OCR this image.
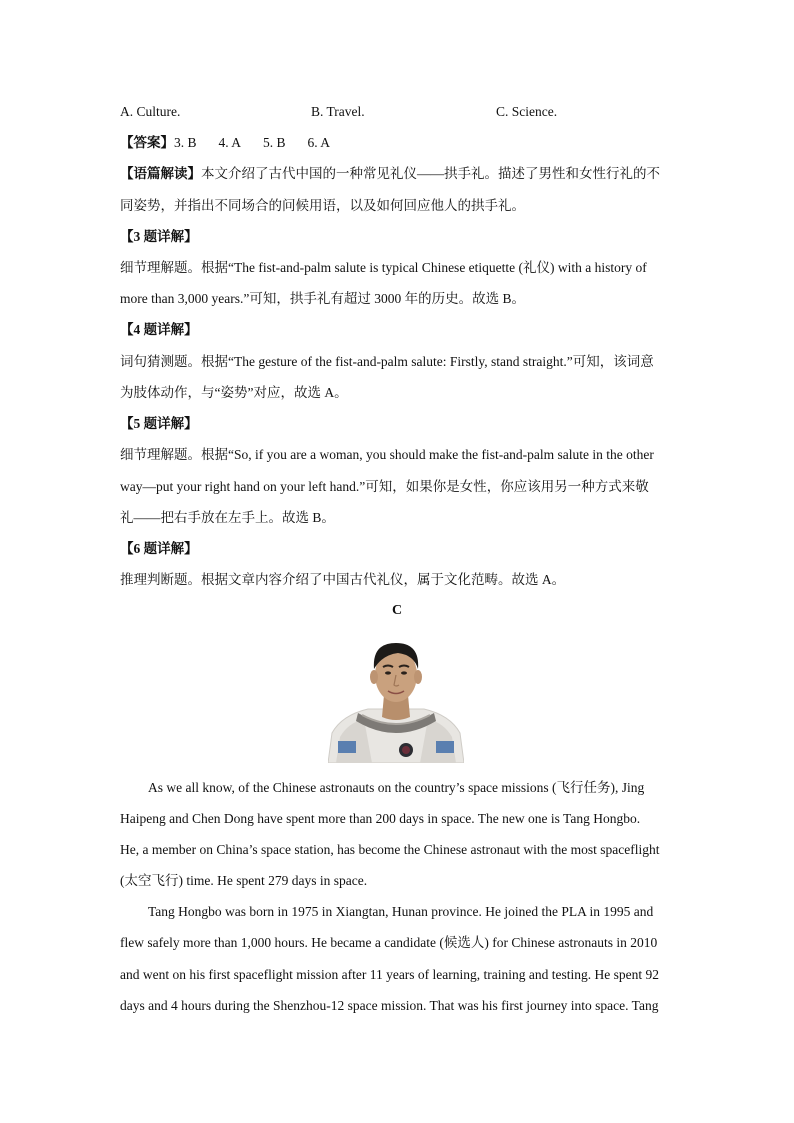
A. Culture.	B. Travel.	C. Science.
【答案】3. B 4. A 5. B 6. A
【语篇解读】本文介绍了古代中国的一种常见礼仪——拱手礼。描述了男性和女性行礼的不
同姿势，并指出不同场合的问候用语，以及如何回应他人的拱手礼。
【3 题详解】
细节理解题。根据“The fist-and-palm salute is typical Chinese etiquette (礼仪) with a history of
more than 3,000 years.”可知，拱手礼有超过 3000 年的历史。故选 B。
【4 题详解】
词句猜测题。根据“The gesture of the fist-and-palm salute: Firstly, stand straight.”可知，该词意
为肢体动作，与“姿势”对应，故选 A。
【5 题详解】
细节理解题。根据“So, if you are a woman, you should make the fist-and-palm salute in the other
way—put your right hand on your left hand.”可知，如果你是女性，你应该用另一种方式来敬
礼——把右手放在左手上。故选 B。
【6 题详解】
推理判断题。根据文章内容介绍了中国古代礼仪，属于文化范畴。故选 A。
C
As we all know, of the Chinese astronauts on the country’s space missions (飞行任务), Jing
Haipeng and Chen Dong have spent more than 200 days in space. The new one is Tang Hongbo.
He, a member on China’s space station, has become the Chinese astronaut with the most spaceflight
(太空飞行) time. He spent 279 days in space.
Tang Hongbo was born in 1975 in Xiangtan, Hunan province. He joined the PLA in 1995 and
flew safely more than 1,000 hours. He became a candidate (候选人) for Chinese astronauts in 2010
and went on his first spaceflight mission after 11 years of learning, training and testing. He spent 92
days and 4 hours during the Shenzhou-12 space mission. That was his first journey into space. Tang
